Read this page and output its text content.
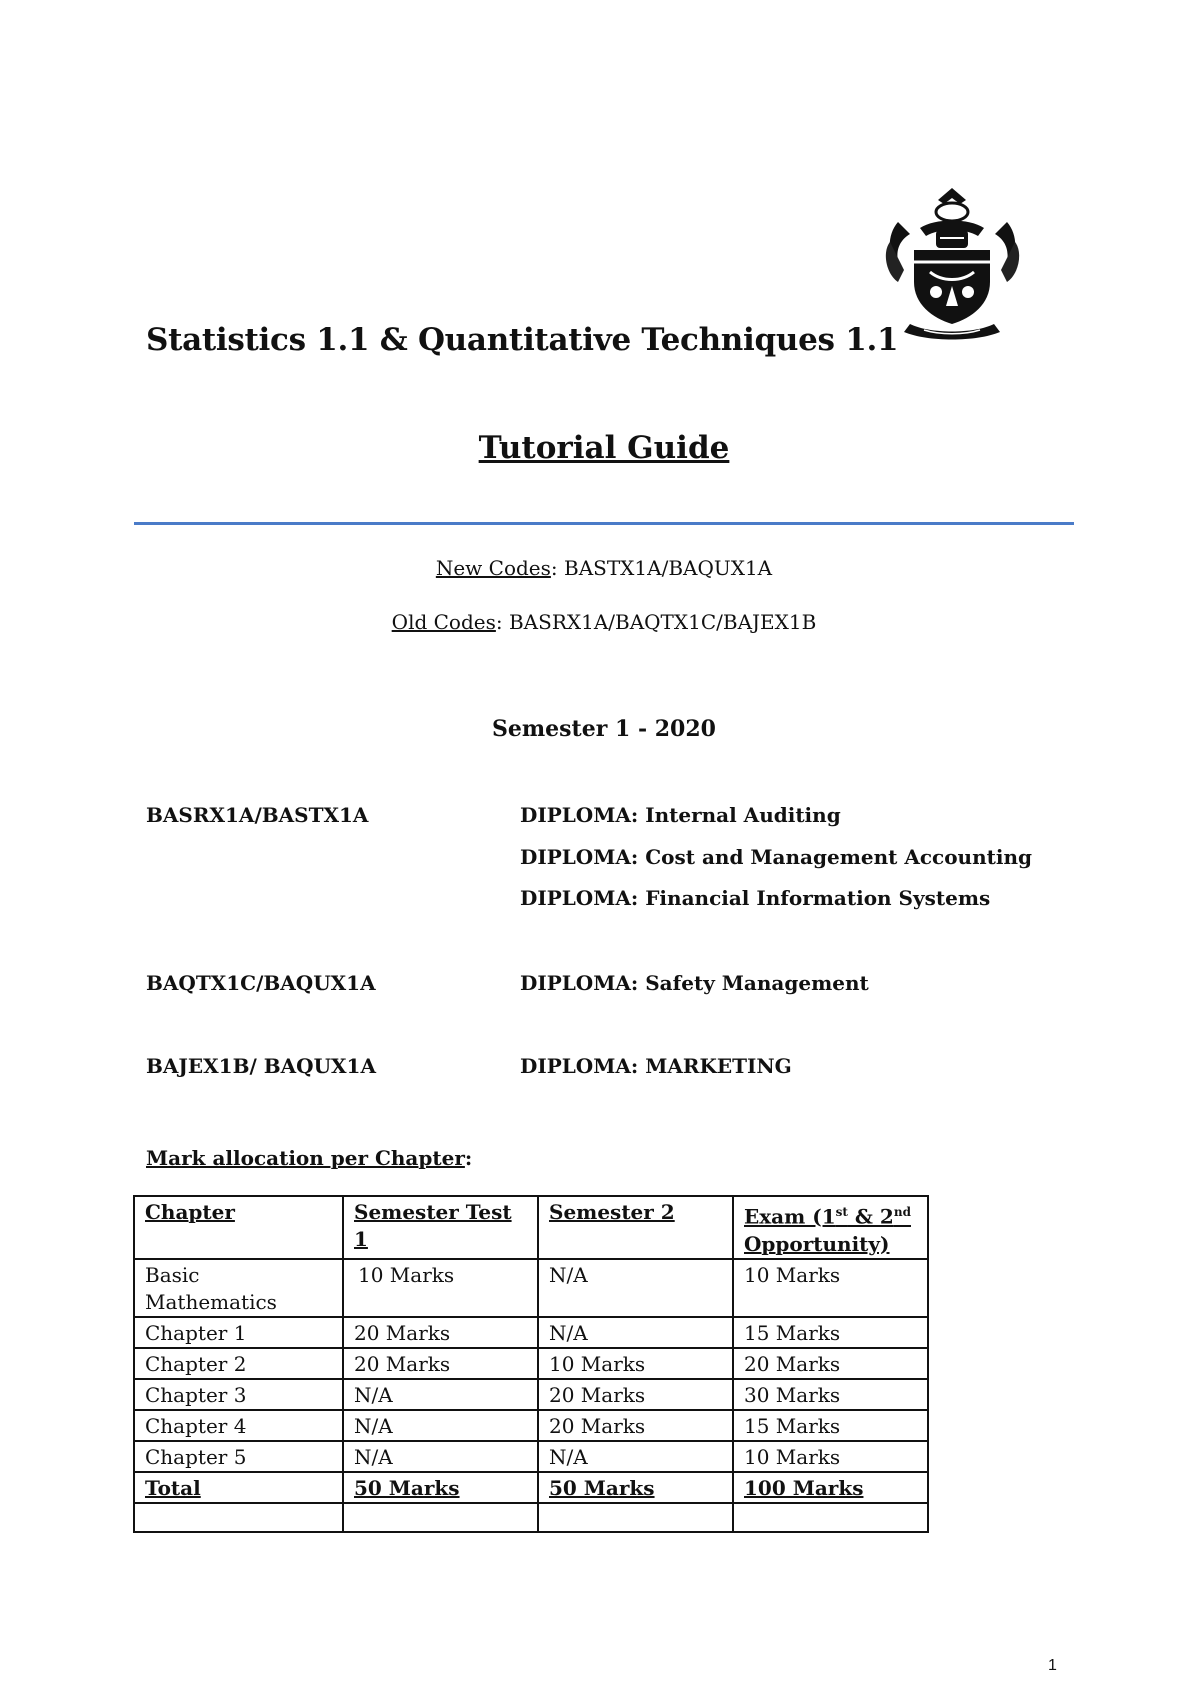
Statistics 1.1 & Quantitative Techniques 1.1
Tutorial Guide
New Codes: BASTX1A/BAQUX1A
Old Codes: BASRX1A/BAQTX1C/BAJEX1B
Semester 1 - 2020
BASRX1A/BASTX1A	DIPLOMA: Internal Auditing
DIPLOMA: Cost and Management Accounting
DIPLOMA: Financial Information Systems
BAQTX1C/BAQUX1A	DIPLOMA: Safety Management
BAJEX1B/ BAQUX1A	DIPLOMA: MARKETING
Mark allocation per Chapter:
Chapter	Semester Test 1	Semester 2	Exam (1st & 2nd
Opportunity)
Basic Mathematics	10 Marks	N/A	10 Marks
Chapter 1	20 Marks	N/A	15 Marks
Chapter 2	20 Marks	10 Marks	20 Marks
Chapter 3	N/A	20 Marks	30 Marks
Chapter 4	N/A	20 Marks	15 Marks
Chapter 5	N/A	N/A	10 Marks
Total	50 Marks	50 Marks	100 Marks

1
